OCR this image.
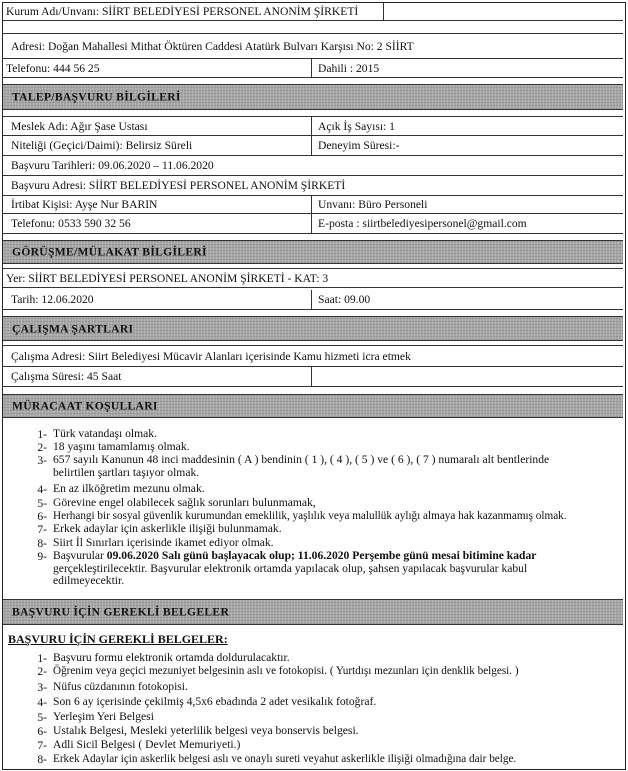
Kurum Adı/Unvanı: SİİRT BELEDİYESİ PERSONEL ANONİM ŞİRKETİ
Adresi: Doğan Mahallesi Mithat Öktüren Caddesi Atatürk Bulvarı Karşısı No: 2 SİİRT
Telefonu: 444 56 25	Dahili : 2015
TALEP/BAŞVURU BİLGİLERİ
Meslek Adı: Ağır Şase Ustası	Açık İş Sayısı: 1
Niteliği (Geçici/Daimi): Belirsiz Süreli	Deneyim Süresi:-
Başvuru Tarihleri: 09.06.2020 – 11.06.2020
Başvuru Adresi: SİİRT BELEDİYESİ PERSONEL ANONİM ŞİRKETİ
İrtibat Kişisi: Ayşe Nur BARIN	Unvanı: Büro Personeli
Telefonu: 0533 590 32 56	E-posta : siirtbelediyesipersonel@gmail.com
GÖRÜŞME/MÜLAKAT BİLGİLERİ
Yer: SİİRT BELEDİYESİ PERSONEL ANONİM ŞİRKETİ - KAT: 3
Tarih: 12.06.2020	Saat: 09.00
ÇALIŞMA ŞARTLARI
Çalışma Adresi: Siirt Belediyesi Mücavir Alanları içerisinde Kamu hizmeti icra etmek
Çalışma Süresi: 45 Saat
MÜRACAAT KOŞULLARI
1- Türk vatandaşı olmak.
2- 18 yaşını tamamlamış olmak.
3- 657 sayılı Kanunun 48 inci maddesinin ( A ) bendinin ( 1 ), ( 4 ), ( 5 ) ve ( 6 ), ( 7 ) numaralı alt bentlerinde belirtilen şartları taşıyor olmak.
4- En az ilköğretim mezunu olmak.
5- Görevine engel olabilecek sağlık sorunları bulunmamak,
6- Herhangi bir sosyal güvenlik kurumundan emeklilik, yaşlılık veya malullük aylığı almaya hak kazanmamış olmak.
7- Erkek adaylar için askerlikle ilişiği bulunmamak.
8- Siirt İl Sınırları içerisinde ikamet ediyor olmak.
9- Başvurular 09.06.2020 Salı günü başlayacak olup; 11.06.2020 Perşembe günü mesai bitimine kadar gerçekleştirilecektir. Başvurular elektronik ortamda yapılacak olup, şahsen yapılacak başvurular kabul edilmeyecektir.
BAŞVURU İÇİN GEREKLİ BELGELER
BAŞVURU İÇİN GEREKLİ BELGELER:
1- Başvuru formu elektronik ortamda doldurulacaktır.
2- Öğrenim veya geçici mezuniyet belgesinin aslı ve fotokopisi. ( Yurtdışı mezunları için denklik belgesi. )
3- Nüfus cüzdanının fotokopisi.
4- Son 6 ay içerisinde çekilmiş 4,5x6 ebadında 2 adet vesikalık fotoğraf.
5- Yerleşim Yeri Belgesi
6- Ustalık Belgesi, Mesleki yeterlilik belgesi veya bonservis belgesi.
7- Adli Sicil Belgesi ( Devlet Memuriyeti.)
8- Erkek Adaylar için askerlik belgesi aslı ve onaylı sureti veyahut askerlikle ilişiği olmadığına dair belge.
